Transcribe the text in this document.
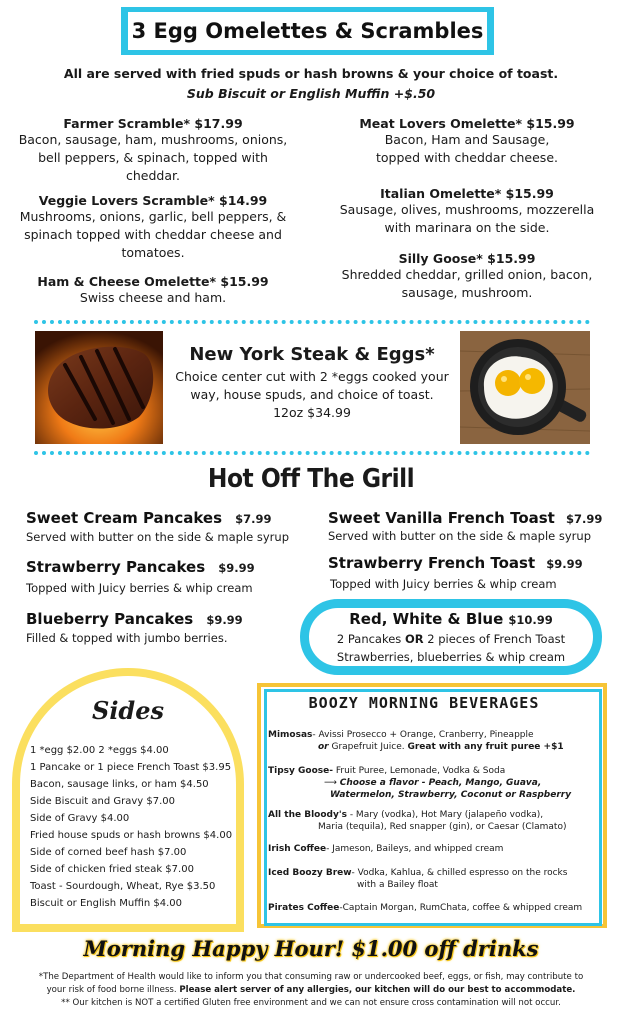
3 Egg Omelettes & Scrambles
All are served with fried spuds or hash browns & your choice of toast.
Sub Biscuit or English Muffin +$.50
Farmer Scramble* $17.99
Bacon, sausage, ham, mushrooms, onions,
bell peppers, & spinach, topped with
cheddar.
Veggie Lovers Scramble* $14.99
Mushrooms, onions, garlic, bell peppers, &
spinach topped with cheddar cheese and
tomatoes.
Ham & Cheese Omelette* $15.99
Swiss cheese and ham.
Meat Lovers Omelette* $15.99
Bacon, Ham and Sausage,
topped with cheddar cheese.
Italian Omelette* $15.99
Sausage, olives, mushrooms, mozzerella
with marinara on the side.
Silly Goose* $15.99
Shredded cheddar, grilled onion, bacon,
sausage, mushroom.
New York Steak & Eggs*
Choice center cut with 2 *eggs cooked your
way, house spuds, and choice of toast.
12oz $34.99
Hot Off The Grill
Sweet Cream Pancakes $7.99
Served with butter on the side & maple syrup
Strawberry Pancakes $9.99
Topped with Juicy berries & whip cream
Blueberry Pancakes $9.99
Filled & topped with jumbo berries.
Sweet Vanilla French Toast $7.99
Served with butter on the side & maple syrup
Strawberry French Toast $9.99
Topped with Juicy berries & whip cream
Red, White & Blue $10.99
2 Pancakes OR 2 pieces of French Toast
Strawberries, blueberries & whip cream
Sides
1 *egg $2.00 2 *eggs $4.00
1 Pancake or 1 piece French Toast $3.95
Bacon, sausage links, or ham $4.50
Side Biscuit and Gravy $7.00
Side of Gravy $4.00
Fried house spuds or hash browns $4.00
Side of corned beef hash $7.00
Side of chicken fried steak $7.00
Toast - Sourdough, Wheat, Rye $3.50
Biscuit or English Muffin $4.00
BOOZY MORNING BEVERAGES
Mimosas- Avissi Prosecco + Orange, Cranberry, Pineapple
or Grapefruit Juice. Great with any fruit puree +$1
Tipsy Goose- Fruit Puree, Lemonade, Vodka & Soda
⟶ Choose a flavor - Peach, Mango, Guava,
Watermelon, Strawberry, Coconut or Raspberry
All the Bloody's - Mary (vodka), Hot Mary (jalapeño vodka),
Maria (tequila), Red snapper (gin), or Caesar (Clamato)
Irish Coffee- Jameson, Baileys, and whipped cream
Iced Boozy Brew- Vodka, Kahlua, & chilled espresso on the rocks
with a Bailey float
Pirates Coffee-Captain Morgan, RumChata, coffee & whipped cream
Morning Happy Hour! $1.00 off drinks
*The Department of Health would like to inform you that consuming raw or undercooked beef, eggs, or fish, may contribute to
your risk of food borne illness. Please alert server of any allergies, our kitchen will do our best to accommodate.
** Our kitchen is NOT a certified Gluten free environment and we can not ensure cross contamination will not occur.
